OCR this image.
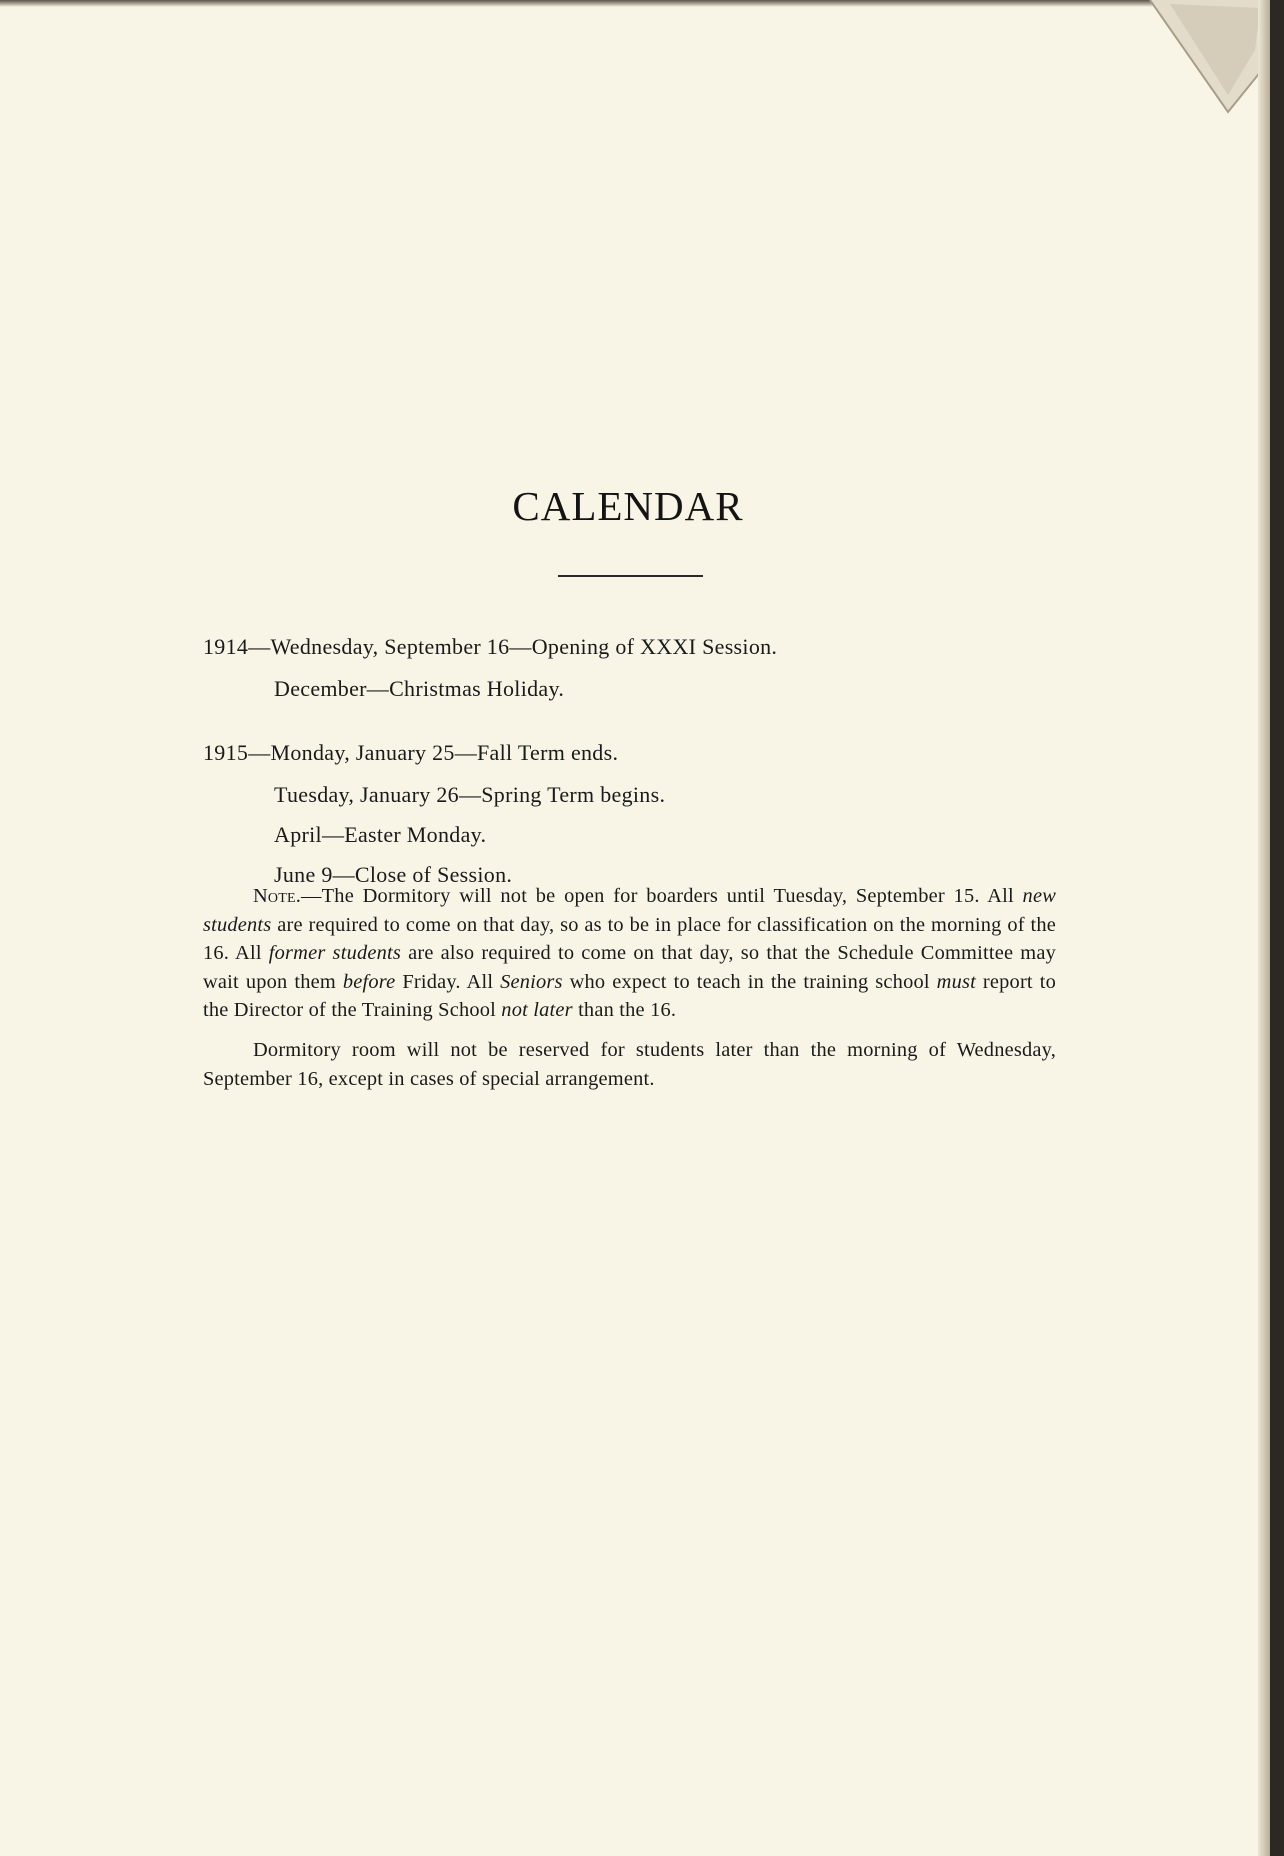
CALENDAR
1914—Wednesday, September 16—Opening of XXXI Session.
December—Christmas Holiday.
1915—Monday, January 25—Fall Term ends.
Tuesday, January 26—Spring Term begins.
April—Easter Monday.
June 9—Close of Session.

Note.—The Dormitory will not be open for boarders until Tuesday, September 15. All new students are required to come on that day, so as to be in place for classification on the morning of the 16. All former students are also required to come on that day, so that the Schedule Committee may wait upon them before Friday. All Seniors who expect to teach in the training school must report to the Director of the Training School not later than the 16.

Dormitory room will not be reserved for students later than the morning of Wednesday, September 16, except in cases of special arrangement.
